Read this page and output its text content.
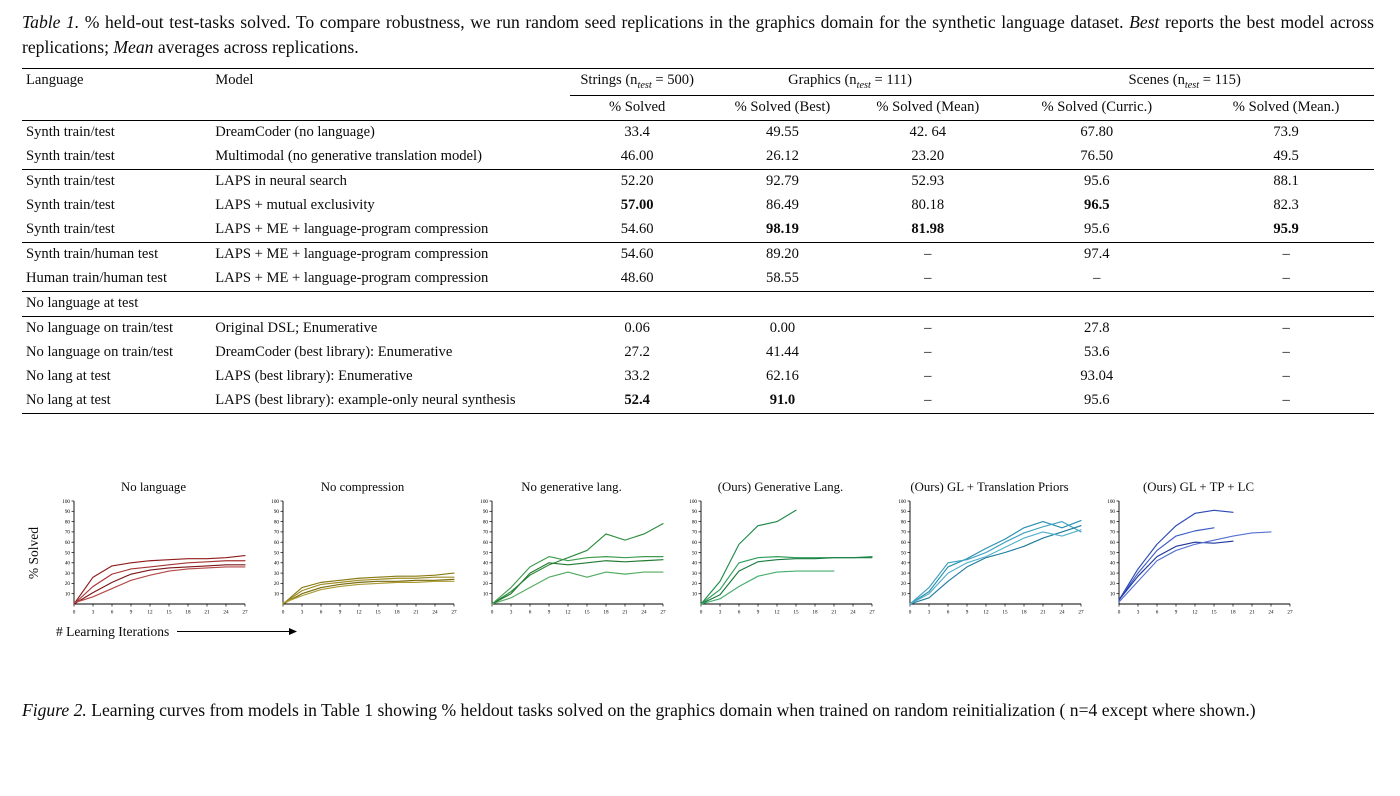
Table 1. % held-out test-tasks solved. To compare robustness, we run random seed replications in the graphics domain for the synthetic language dataset. Best reports the best model across replications; Mean averages across replications.

Language	Model	Strings $(n_{test} = 500)$	Graphics $(n_{test} = 111)$		Scenes $(n_{test} = 115)$	
		% Solved	% Solved (Best)	% Solved (Mean)	% Solved (Curric.)	% Solved (Mean.)
Synth train/test	DreamCoder (no language)	33.4	49.55	42. 64	67.80	73.9
Synth train/test	Multimodal (no generative translation model)	46.00	26.12	23.20	76.50	49.5
Synth train/test	LAPS in neural search	52.20	92.79	52.93	95.6	88.1
Synth train/test	LAPS + mutual exclusivity	57.00	86.49	80.18	96.5	82.3
Synth train/test	LAPS + ME + language-program compression	54.60	98.19	81.98	95.6	95.9
Synth train/human test	LAPS + ME + language-program compression	54.60	89.20	–	97.4	–
Human train/human test	LAPS + ME + language-program compression	48.60	58.55	–	–	–
No language at test						
No language on train/test	Original DSL; Enumerative	0.06	0.00	–	27.8	–
No language on train/test	DreamCoder (best library): Enumerative	27.2	41.44	–	53.6	–
No lang at test	LAPS (best library): Enumerative	33.2	62.16	–	93.04	–
No lang at test	LAPS (best library): example-only neural synthesis	52.4	91.0	–	95.6	–
% Solved
No language
10
20
30
40
50
60
70
80
90
100
0	3	6	9	12	15	18	21	24	27
No compression
10
20
30
40
50
60
70
80
90
100
0	3	6	9	12	15	18	21	24	27
No generative lang.
10
20
30
40
50
60
70
80
90
100
0	3	6	9	12	15	18	21	24	27
(Ours) Generative Lang.
10
20
30
40
50
60
70
80
90
100
0	3	6	9	12	15	18	21	24	27
(Ours) GL + Translation Priors
10
20
30
40
50
60
70
80
90
100
0	3	6	9	12	15	18	21	24	27
(Ours) GL + TP + LC
10
20
30
40
50
60
70
80
90
100
0	3	6	9	12	15	18	21	24	27
# Learning Iterations

Figure 2. Learning curves from models in Table 1 showing % heldout tasks solved on the graphics domain when trained on random reinitialization ( n=4 except where shown.)
